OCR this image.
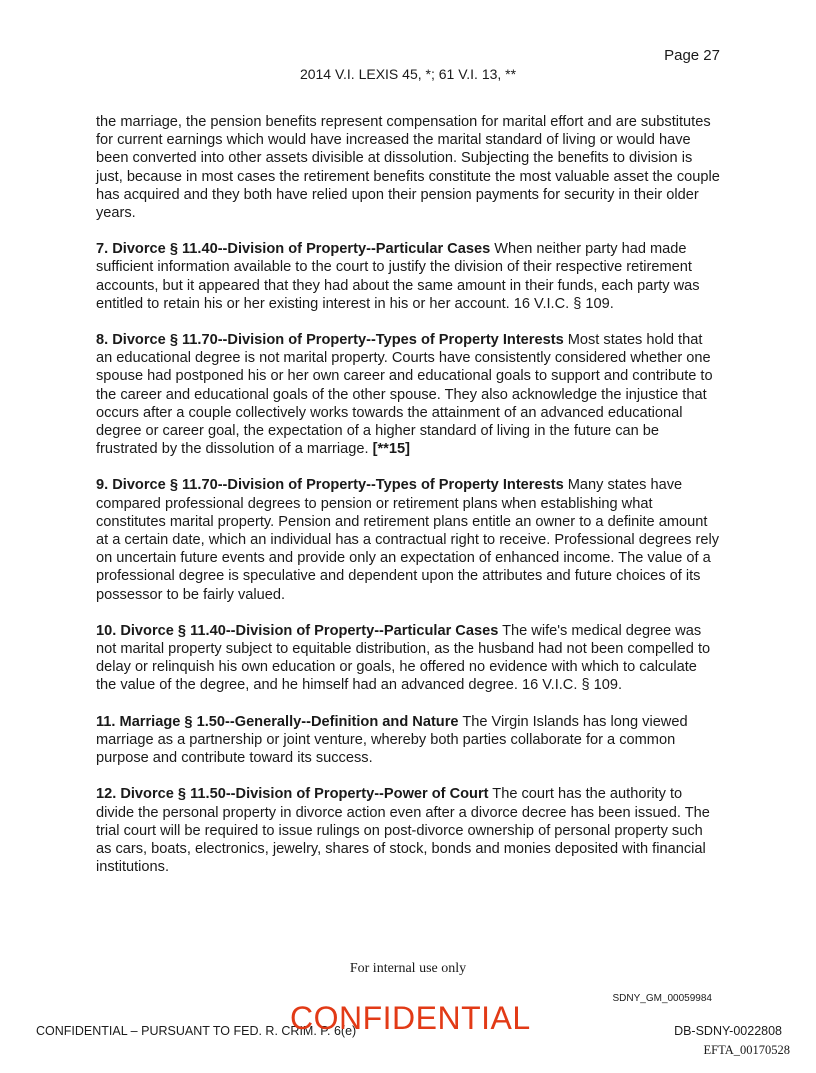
Page 27
2014 V.I. LEXIS 45, *; 61 V.I. 13, **

the marriage, the pension benefits represent compensation for marital effort and are substitutes for current earnings which would have increased the marital standard of living or would have been converted into other assets divisible at dissolution. Subjecting the benefits to division is just, because in most cases the retirement benefits constitute the most valuable asset the couple has acquired and they both have relied upon their pension payments for security in their older years.

7. Divorce § 11.40--Division of Property--Particular Cases When neither party had made sufficient information available to the court to justify the division of their respective retirement accounts, but it appeared that they had about the same amount in their funds, each party was entitled to retain his or her existing interest in his or her account. 16 V.I.C. § 109.

8. Divorce § 11.70--Division of Property--Types of Property Interests Most states hold that an educational degree is not marital property. Courts have consistently considered whether one spouse had postponed his or her own career and educational goals to support and contribute to the career and educational goals of the other spouse. They also acknowledge the injustice that occurs after a couple collectively works towards the attainment of an advanced educational degree or career goal, the expectation of a higher standard of living in the future can be frustrated by the dissolution of a marriage. [**15]

9. Divorce § 11.70--Division of Property--Types of Property Interests Many states have compared professional degrees to pension or retirement plans when establishing what constitutes marital property. Pension and retirement plans entitle an owner to a definite amount at a certain date, which an individual has a contractual right to receive. Professional degrees rely on uncertain future events and provide only an expectation of enhanced income. The value of a professional degree is speculative and dependent upon the attributes and future choices of its possessor to be fairly valued.

10. Divorce § 11.40--Division of Property--Particular Cases The wife's medical degree was not marital property subject to equitable distribution, as the husband had not been compelled to delay or relinquish his own education or goals, he offered no evidence with which to calculate the value of the degree, and he himself had an advanced degree. 16 V.I.C. § 109.

11. Marriage § 1.50--Generally--Definition and Nature The Virgin Islands has long viewed marriage as a partnership or joint venture, whereby both parties collaborate for a common purpose and contribute toward its success.

12. Divorce § 11.50--Division of Property--Power of Court The court has the authority to divide the personal property in divorce action even after a divorce decree has been issued. The trial court will be required to issue rulings on post-divorce ownership of personal property such as cars, boats, electronics, jewelry, shares of stock, bonds and monies deposited with financial institutions.

For internal use only
SDNY_GM_00059984
CONFIDENTIAL – PURSUANT TO FED. R. CRIM. P. 6(e)
CONFIDENTIAL	DB-SDNY-0022808
EFTA_00170528
